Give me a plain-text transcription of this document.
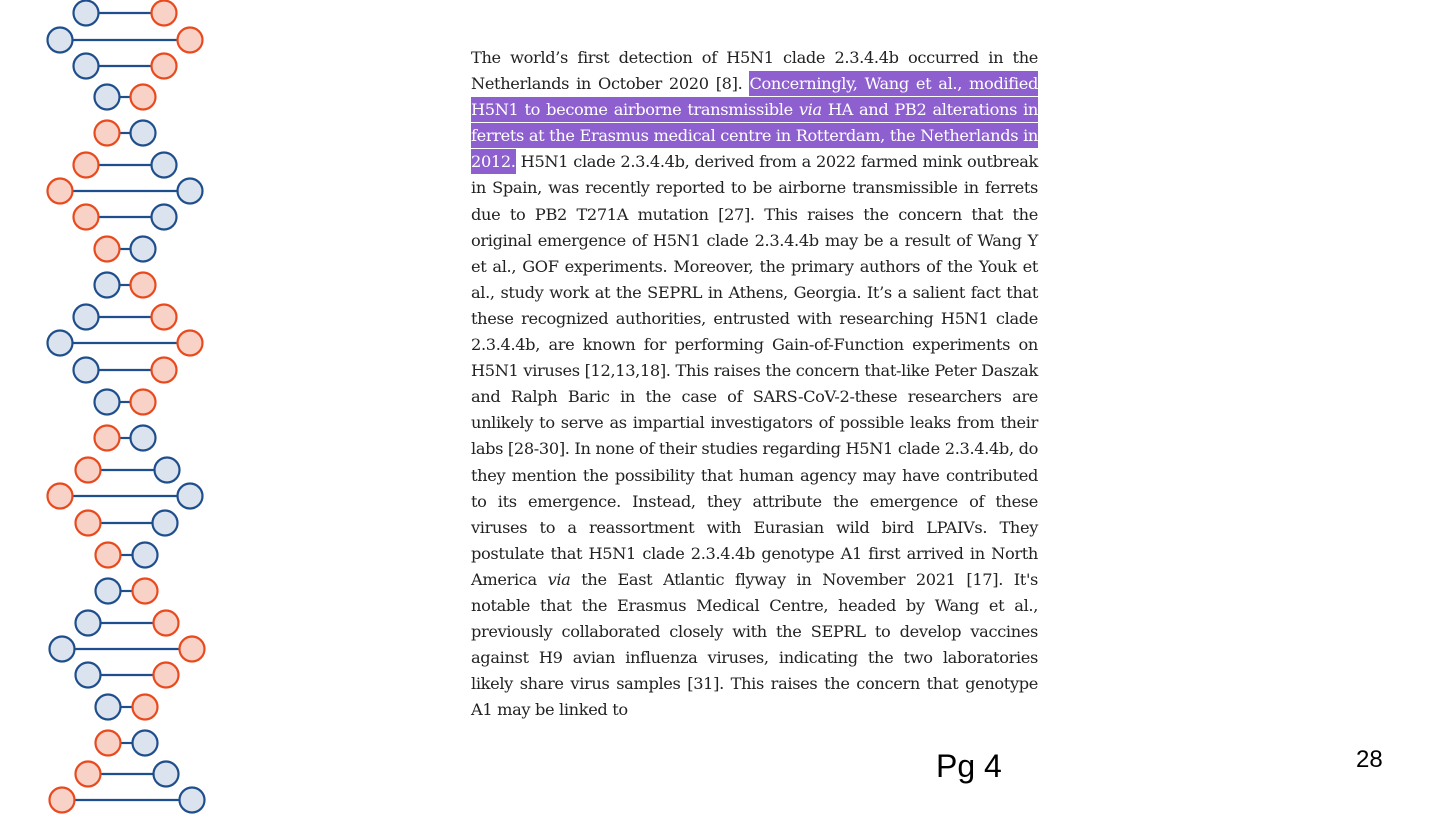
The world’s first detection of H5N1 clade 2.3.4.4b occurred in the Netherlands in October 2020 [8]. Concerningly, Wang et al., modified H5N1 to become airborne transmissible via HA and PB2 alterations in ferrets at the Erasmus medical centre in Rotterdam, the Netherlands in 2012. H5N1 clade 2.3.4.4b, derived from a 2022 farmed mink outbreak in Spain, was recently reported to be airborne transmissible in ferrets due to PB2 T271A mutation [27]. This raises the concern that the original emergence of H5N1 clade 2.3.4.4b may be a result of Wang Y et al., GOF experiments. Moreover, the primary authors of the Youk et al., study work at the SEPRL in Athens, Georgia. It’s a salient fact that these recognized authorities, entrusted with researching H5N1 clade 2.3.4.4b, are known for performing Gain-of-Function experiments on H5N1 viruses [12,13,18]. This raises the concern that-like Peter Daszak and Ralph Baric in the case of SARS-CoV-2-these researchers are unlikely to serve as impartial investigators of possible leaks from their labs [28-30]. In none of their studies regarding H5N1 clade 2.3.4.4b, do they mention the possibility that human agency may have contributed to its emergence. Instead, they attribute the emergence of these viruses to a reassortment with Eurasian wild bird LPAIVs. They postulate that H5N1 clade 2.3.4.4b genotype A1 first arrived in North America via the East Atlantic flyway in November 2021 [17]. It's notable that the Erasmus Medical Centre, headed by Wang et al., previously collaborated closely with the SEPRL to develop vaccines against H9 avian influenza viruses, indicating the two laboratories likely share virus samples [31]. This raises the concern that genotype A1 may be linked to

Pg 4	28
